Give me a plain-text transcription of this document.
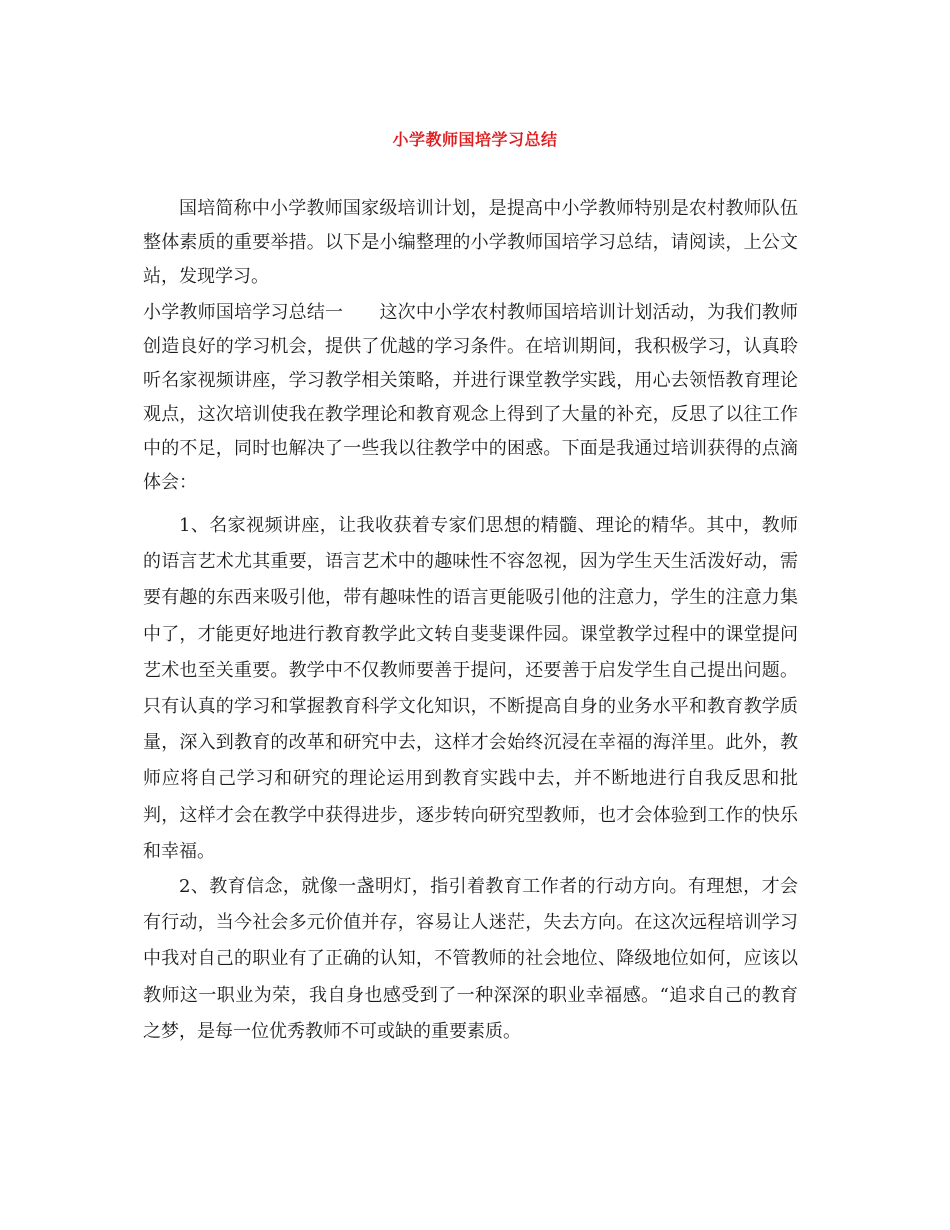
小学教师国培学习总结

国培简称中小学教师国家级培训计划，是提高中小学教师特别是农村教师队伍整体素质的重要举措。以下是小编整理的小学教师国培学习总结，请阅读，上公文站，发现学习。

小学教师国培学习总结一 这次中小学农村教师国培培训计划活动，为我们教师创造良好的学习机会，提供了优越的学习条件。在培训期间，我积极学习，认真聆听名家视频讲座，学习教学相关策略，并进行课堂教学实践，用心去领悟教育理论观点，这次培训使我在教学理论和教育观念上得到了大量的补充，反思了以往工作中的不足，同时也解决了一些我以往教学中的困惑。下面是我通过培训获得的点滴体会：

1、名家视频讲座，让我收获着专家们思想的精髓、理论的精华。其中，教师的语言艺术尤其重要，语言艺术中的趣味性不容忽视，因为学生天生活泼好动，需要有趣的东西来吸引他，带有趣味性的语言更能吸引他的注意力，学生的注意力集中了，才能更好地进行教育教学此文转自斐斐课件园。课堂教学过程中的课堂提问艺术也至关重要。教学中不仅教师要善于提问，还要善于启发学生自己提出问题。只有认真的学习和掌握教育科学文化知识，不断提高自身的业务水平和教育教学质量，深入到教育的改革和研究中去，这样才会始终沉浸在幸福的海洋里。此外，教师应将自己学习和研究的理论运用到教育实践中去，并不断地进行自我反思和批判，这样才会在教学中获得进步，逐步转向研究型教师，也才会体验到工作的快乐和幸福。

2、教育信念，就像一盏明灯，指引着教育工作者的行动方向。有理想，才会有行动，当今社会多元价值并存，容易让人迷茫，失去方向。在这次远程培训学习中我对自己的职业有了正确的认知，不管教师的社会地位、降级地位如何，应该以教师这一职业为荣，我自身也感受到了一种深深的职业幸福感。“追求自己的教育之梦，是每一位优秀教师不可或缺的重要素质。
